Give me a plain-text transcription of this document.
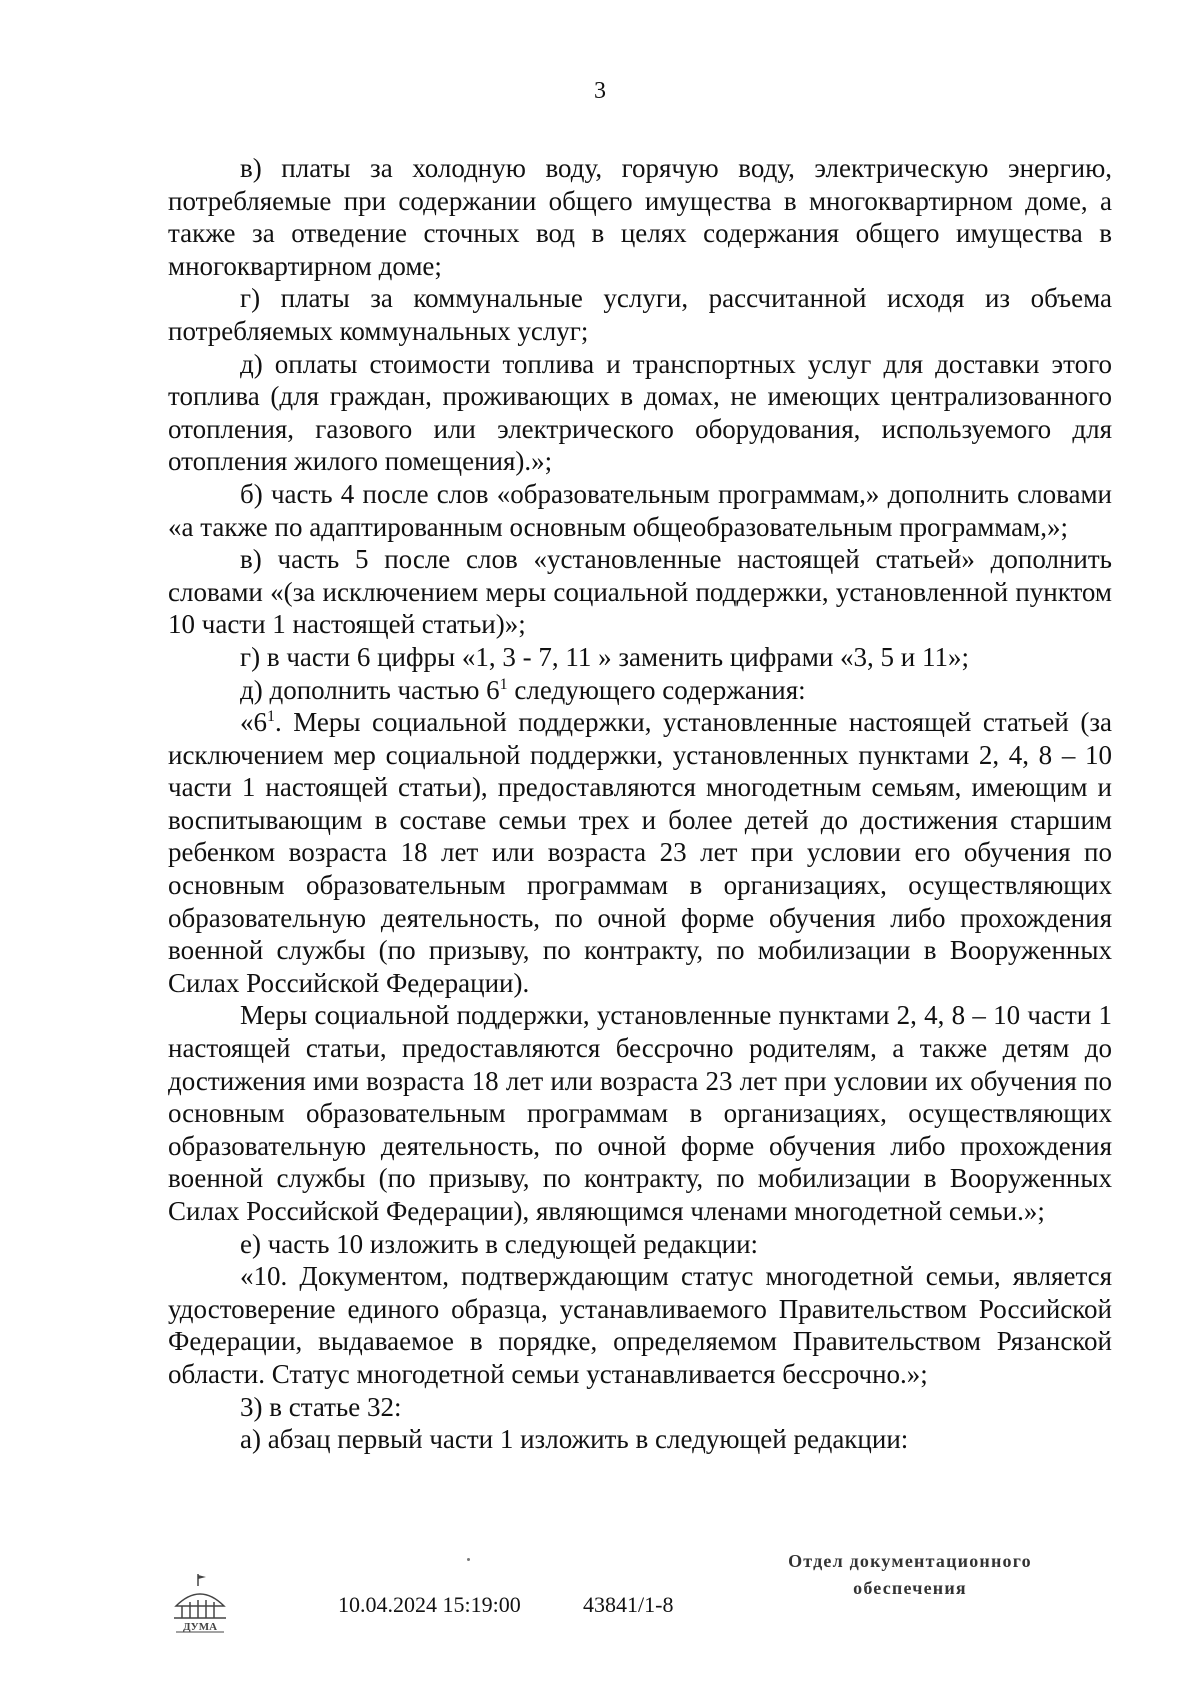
3

в) платы за холодную воду, горячую воду, электрическую энергию, потребляемые при содержании общего имущества в многоквартирном доме, а также за отведение сточных вод в целях содержания общего имущества в многоквартирном доме;

г) платы за коммунальные услуги, рассчитанной исходя из объема потребляемых коммунальных услуг;

д) оплаты стоимости топлива и транспортных услуг для доставки этого топлива (для граждан, проживающих в домах, не имеющих централизованного отопления, газового или электрического оборудования, используемого для отопления жилого помещения).»;

б) часть 4 после слов «образовательным программам,» дополнить словами «а также по адаптированным основным общеобразовательным программам,»;

в) часть 5 после слов «установленные настоящей статьей» дополнить словами «(за исключением меры социальной поддержки, установленной пунктом 10 части 1 настоящей статьи)»;

г) в части 6 цифры «1, 3 - 7, 11 » заменить цифрами «3, 5 и 11»;

д) дополнить частью $6^1$ следующего содержания:

«$6^1$. Меры социальной поддержки, установленные настоящей статьей (за исключением мер социальной поддержки, установленных пунктами 2, 4, 8 – 10 части 1 настоящей статьи), предоставляются многодетным семьям, имеющим и воспитывающим в составе семьи трех и более детей до достижения старшим ребенком возраста 18 лет или возраста 23 лет при условии его обучения по основным образовательным программам в организациях, осуществляющих образовательную деятельность, по очной форме обучения либо прохождения военной службы (по призыву, по контракту, по мобилизации в Вооруженных Силах Российской Федерации).

Меры социальной поддержки, установленные пунктами 2, 4, 8 – 10 части 1 настоящей статьи, предоставляются бессрочно родителям, а также детям до достижения ими возраста 18 лет или возраста 23 лет при условии их обучения по основным образовательным программам в организациях, осуществляющих образовательную деятельность, по очной форме обучения либо прохождения военной службы (по призыву, по контракту, по мобилизации в Вооруженных Силах Российской Федерации), являющимся членами многодетной семьи.»;

е) часть 10 изложить в следующей редакции:

«10. Документом, подтверждающим статус многодетной семьи, является удостоверение единого образца, устанавливаемого Правительством Российской Федерации, выдаваемое в порядке, определяемом Правительством Рязанской области. Статус многодетной семьи устанавливается бессрочно.»;

3) в статье 32:

а) абзац первый части 1 изложить в следующей редакции:

ДУМА
10.04.2024 15:19:00	43841/1-8
Отдел документационного
обеспечения
